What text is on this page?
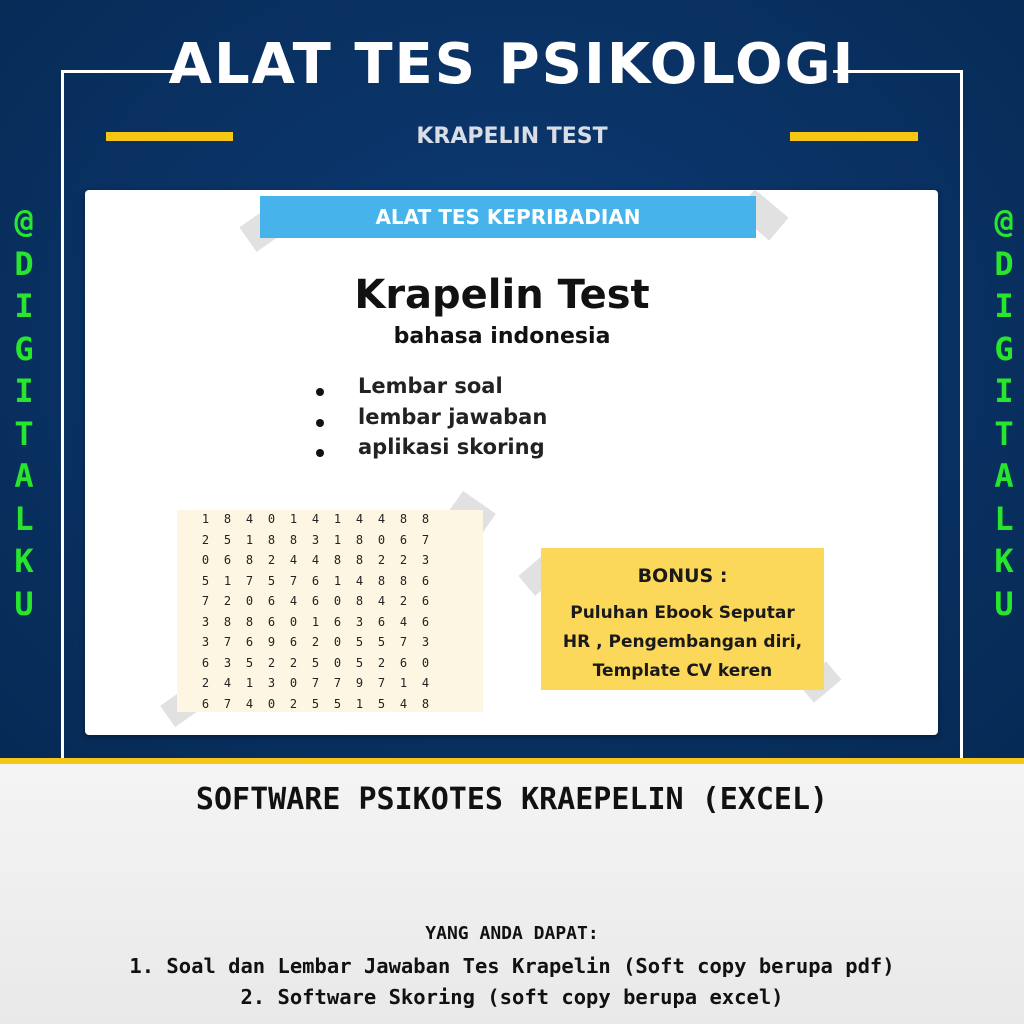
ALAT TES PSIKOLOGI
KRAPELIN TEST
@
D
I
G
I
T
A
L
K
U
@
D
I
G
I
T
A
L
K
U
ALAT TES KEPRIBADIAN
Krapelin Test
bahasa indonesia
Lembar soal
lembar jawaban
aplikasi skoring
1	8	4	0	1	4	1	4	4	8	8
2	5	1	8	8	3	1	8	0	6	7
0	6	8	2	4	4	8	8	2	2	3
5	1	7	5	7	6	1	4	8	8	6
7	2	0	6	4	6	0	8	4	2	6
3	8	8	6	0	1	6	3	6	4	6
3	7	6	9	6	2	0	5	5	7	3
6	3	5	2	2	5	0	5	2	6	0
2	4	1	3	0	7	7	9	7	1	4
6	7	4	0	2	5	5	1	5	4	8
BONUS :
Puluhan Ebook Seputar
HR , Pengembangan diri,
Template CV keren
SOFTWARE PSIKOTES KRAEPELIN (EXCEL)
YANG ANDA DAPAT:
1. Soal dan Lembar Jawaban Tes Krapelin (Soft copy berupa pdf)
2. Software Skoring (soft copy berupa excel)
